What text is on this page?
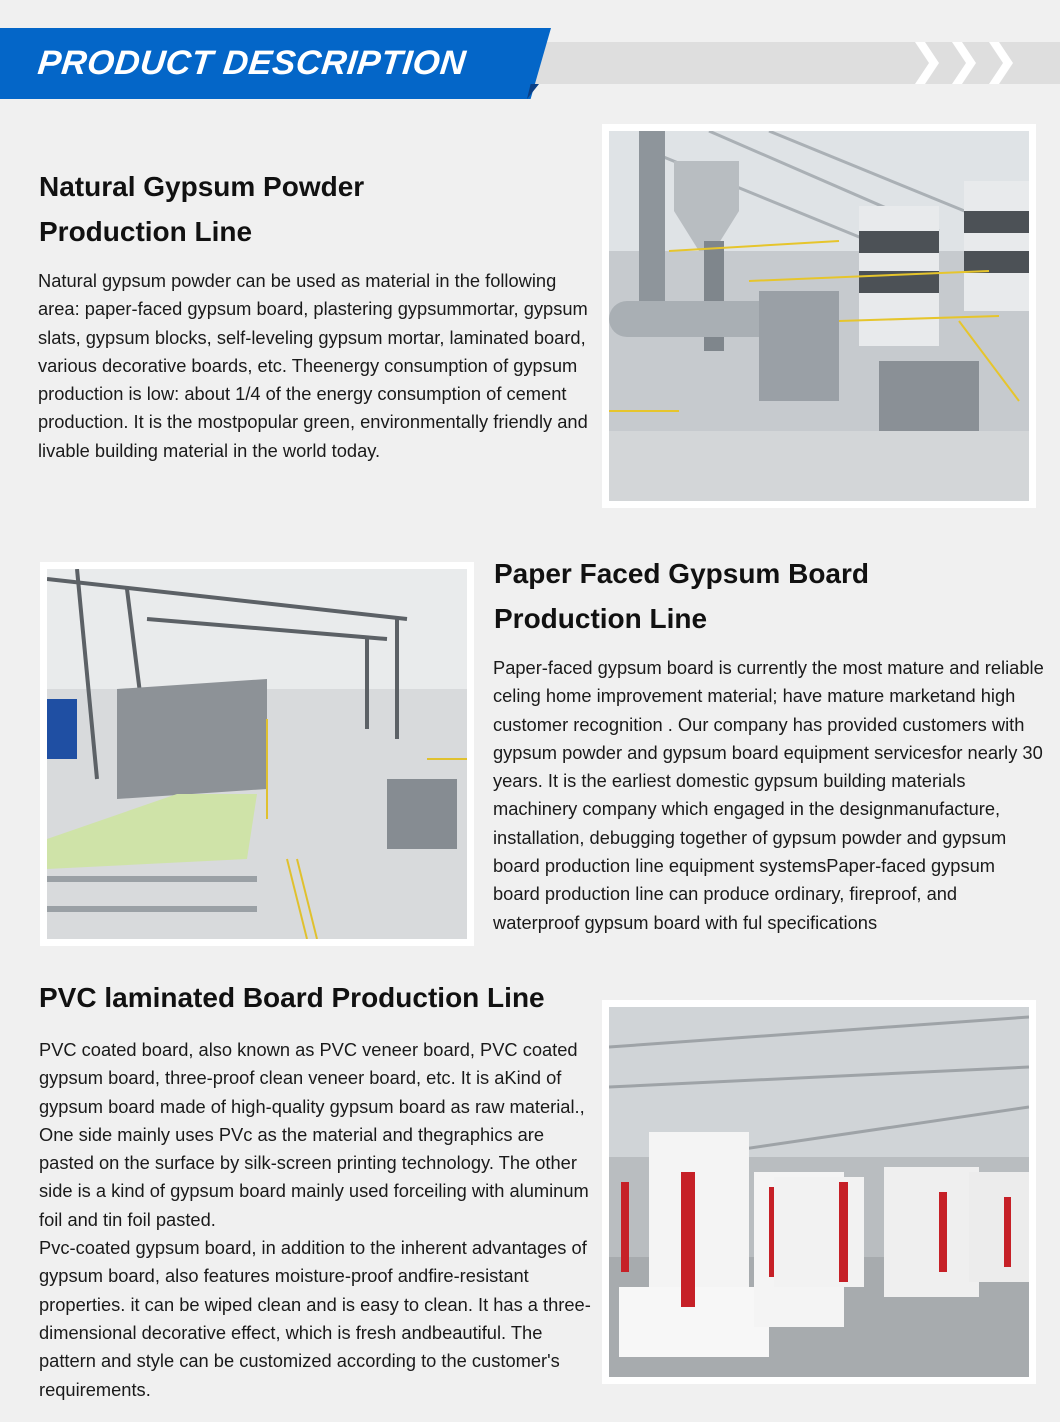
PRODUCT DESCRIPTION
Natural Gypsum Powder
Production Line

Natural gypsum powder can be used as material in the following area: paper-faced gypsum board, plastering gypsummortar, gypsum slats, gypsum blocks, self-leveling gypsum mortar, laminated board, various decorative boards, etc. Theenergy consumption of gypsum production is low: about 1/4 of the energy consumption of cement production. It is the mostpopular green, environmentally friendly and livable building material in the world today.

Paper Faced Gypsum Board
Production Line

Paper-faced gypsum board is currently the most mature and reliable celing home improvement material; have mature marketand high customer recognition . Our company has provided customers with gypsum powder and gypsum board equipment servicesfor nearly 30 years. It is the earliest domestic gypsum building materials machinery company which engaged in the designmanufacture, installation, debugging together of gypsum powder and gypsum board production line equipment systemsPaper-faced gypsum board production line can produce ordinary, fireproof, and waterproof gypsum board with ful specifications

PVC laminated Board Production Line

PVC coated board, also known as PVC veneer board, PVC coated gypsum board, three-proof clean veneer board, etc. It is aKind of gypsum board made of high-quality gypsum board as raw material., One side mainly uses PVc as the material and thegraphics are pasted on the surface by silk-screen printing technology. The other side is a kind of gypsum board mainly used forceiling with aluminum foil and tin foil pasted.

Pvc-coated gypsum board, in addition to the inherent advantages of gypsum board, also features moisture-proof andfire-resistant properties. it can be wiped clean and is easy to clean. It has a three-dimensional decorative effect, which is fresh andbeautiful. The pattern and style can be customized according to the customer's requirements.
